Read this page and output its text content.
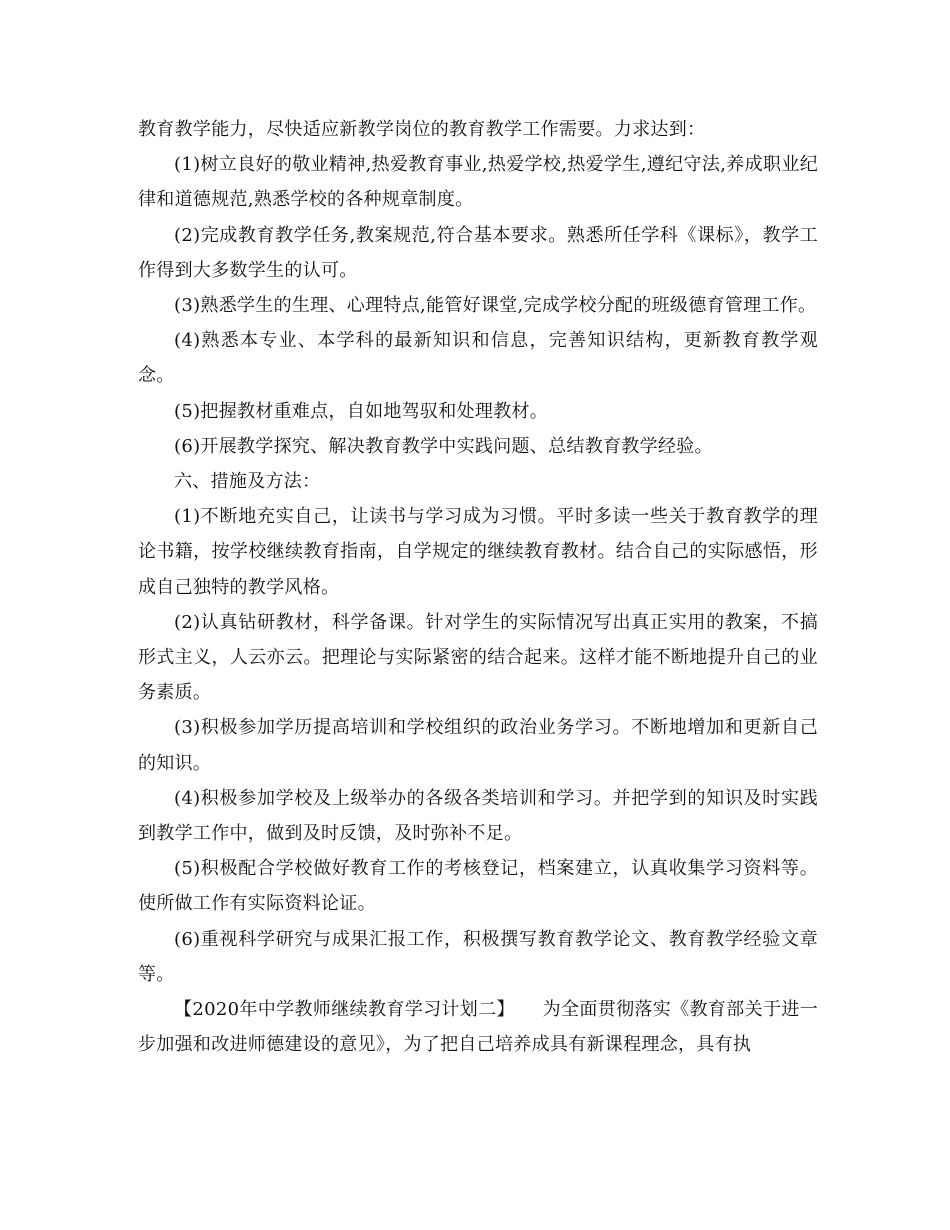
教育教学能力，尽快适应新教学岗位的教育教学工作需要。力求达到：

(1)树立良好的敬业精神,热爱教育事业,热爱学校,热爱学生,遵纪守法,养成职业纪律和道德规范,熟悉学校的各种规章制度。

(2)完成教育教学任务,教案规范,符合基本要求。熟悉所任学科《课标》，教学工作得到大多数学生的认可。

(3)熟悉学生的生理、心理特点,能管好课堂,完成学校分配的班级德育管理工作。

(4)熟悉本专业、本学科的最新知识和信息，完善知识结构，更新教育教学观念。

(5)把握教材重难点，自如地驾驭和处理教材。

(6)开展教学探究、解决教育教学中实践问题、总结教育教学经验。

六、措施及方法：

(1)不断地充实自己，让读书与学习成为习惯。平时多读一些关于教育教学的理论书籍，按学校继续教育指南，自学规定的继续教育教材。结合自己的实际感悟，形成自己独特的教学风格。

(2)认真钻研教材，科学备课。针对学生的实际情况写出真正实用的教案，不搞形式主义，人云亦云。把理论与实际紧密的结合起来。这样才能不断地提升自己的业务素质。

(3)积极参加学历提高培训和学校组织的政治业务学习。不断地增加和更新自己的知识。

(4)积极参加学校及上级举办的各级各类培训和学习。并把学到的知识及时实践到教学工作中，做到及时反馈，及时弥补不足。

(5)积极配合学校做好教育工作的考核登记，档案建立，认真收集学习资料等。使所做工作有实际资料论证。

(6)重视科学研究与成果汇报工作，积极撰写教育教学论文、教育教学经验文章等。

【2020年中学教师继续教育学习计划二】　　为全面贯彻落实《教育部关于进一步加强和改进师德建设的意见》，为了把自己培养成具有新课程理念，具有执
